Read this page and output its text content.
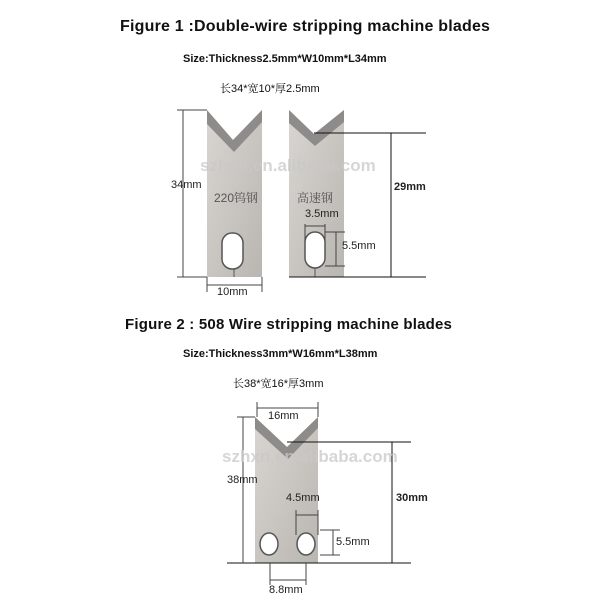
Figure 1 :Double-wire stripping machine blades
Size:Thickness2.5mm*W10mm*L34mm
长34*宽10*厚2.5mm
220钨钢	高速钢
szhxn.en.alibaba.com
34mm
10mm
29mm
3.5mm
5.5mm
Figure 2 : 508 Wire stripping machine blades
Size:Thickness3mm*W16mm*L38mm
长38*宽16*厚3mm
szhxn.en.alibaba.com
16mm
38mm
30mm
4.5mm
5.5mm
8.8mm
